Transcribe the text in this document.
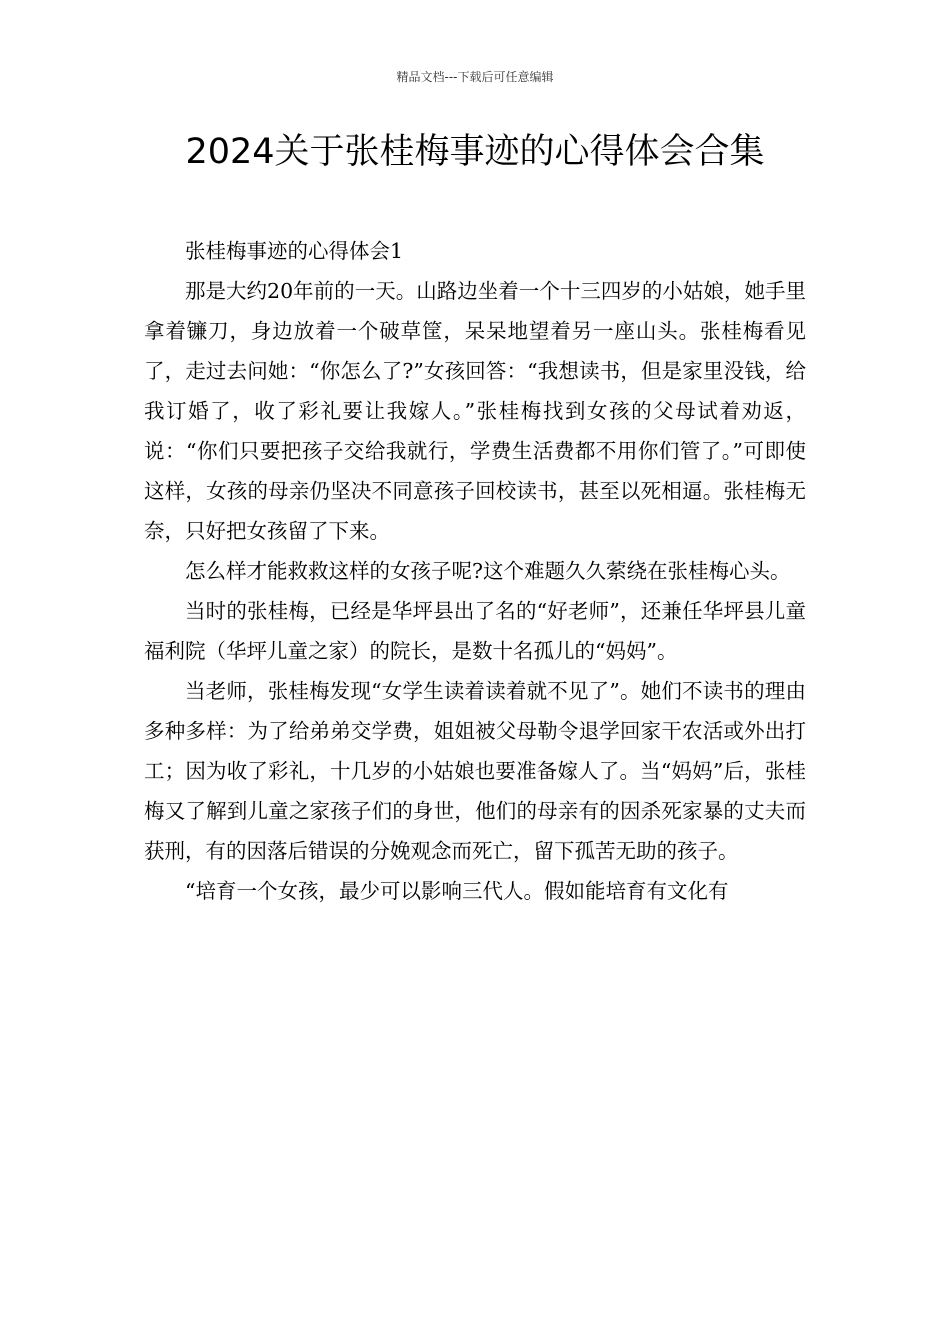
精品文档---下载后可任意编辑
2024关于张桂梅事迹的心得体会合集

张桂梅事迹的心得体会1

那是大约20年前的一天。山路边坐着一个十三四岁的小姑娘，她手里拿着镰刀，身边放着一个破草筐，呆呆地望着另一座山头。张桂梅看见了，走过去问她：“你怎么了?”女孩回答：“我想读书，但是家里没钱，给我订婚了，收了彩礼要让我嫁人。”张桂梅找到女孩的父母试着劝返，说：“你们只要把孩子交给我就行，学费生活费都不用你们管了。”可即使这样，女孩的母亲仍坚决不同意孩子回校读书，甚至以死相逼。张桂梅无奈，只好把女孩留了下来。

怎么样才能救救这样的女孩子呢?这个难题久久萦绕在张桂梅心头。

当时的张桂梅，已经是华坪县出了名的“好老师”，还兼任华坪县儿童福利院（华坪儿童之家）的院长，是数十名孤儿的“妈妈”。

当老师，张桂梅发现“女学生读着读着就不见了”。她们不读书的理由多种多样：为了给弟弟交学费，姐姐被父母勒令退学回家干农活或外出打工；因为收了彩礼，十几岁的小姑娘也要准备嫁人了。当“妈妈”后，张桂梅又了解到儿童之家孩子们的身世，他们的母亲有的因杀死家暴的丈夫而获刑，有的因落后错误的分娩观念而死亡，留下孤苦无助的孩子。

“培育一个女孩，最少可以影响三代人。假如能培育有文化有
